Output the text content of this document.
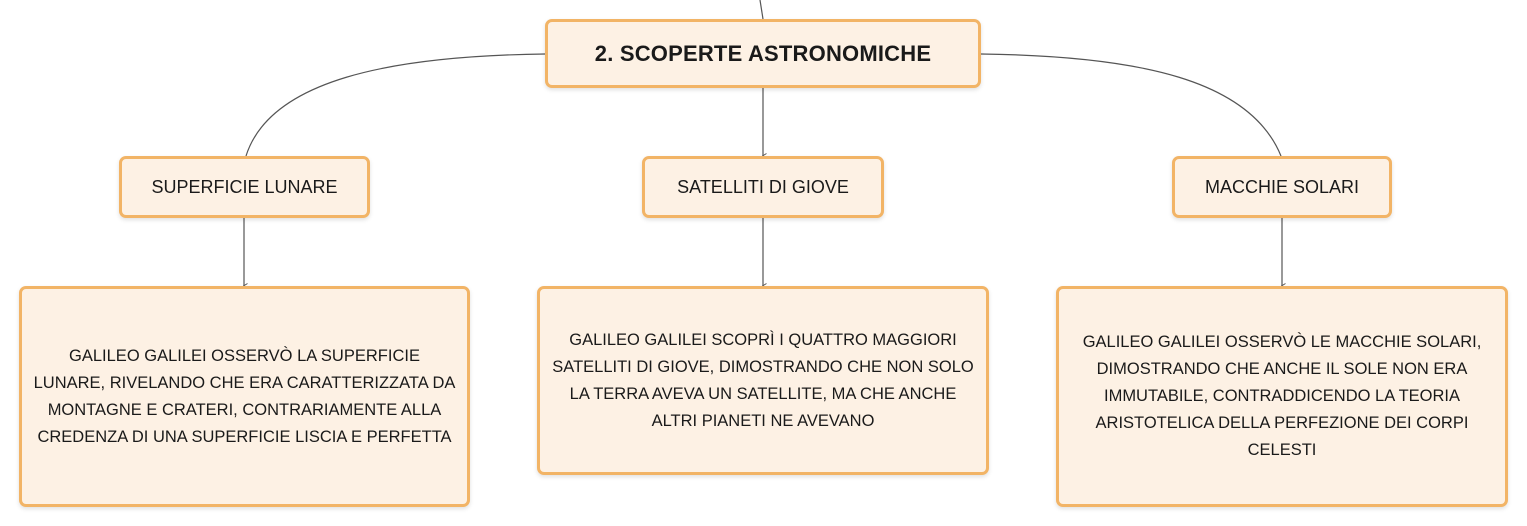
2. SCOPERTE ASTRONOMICHE
SUPERFICIE LUNARE	SATELLITI DI GIOVE	MACCHIE SOLARI
GALILEO GALILEI OSSERVÒ LA SUPERFICIE LUNARE, RIVELANDO CHE ERA CARATTERIZZATA DA MONTAGNE E CRATERI, CONTRARIAMENTE ALLA CREDENZA DI UNA SUPERFICIE LISCIA E PERFETTA
GALILEO GALILEI SCOPRÌ I QUATTRO MAGGIORI SATELLITI DI GIOVE, DIMOSTRANDO CHE NON SOLO LA TERRA AVEVA UN SATELLITE, MA CHE ANCHE ALTRI PIANETI NE AVEVANO
GALILEO GALILEI OSSERVÒ LE MACCHIE SOLARI, DIMOSTRANDO CHE ANCHE IL SOLE NON ERA IMMUTABILE, CONTRADDICENDO LA TEORIA ARISTOTELICA DELLA PERFEZIONE DEI CORPI CELESTI
